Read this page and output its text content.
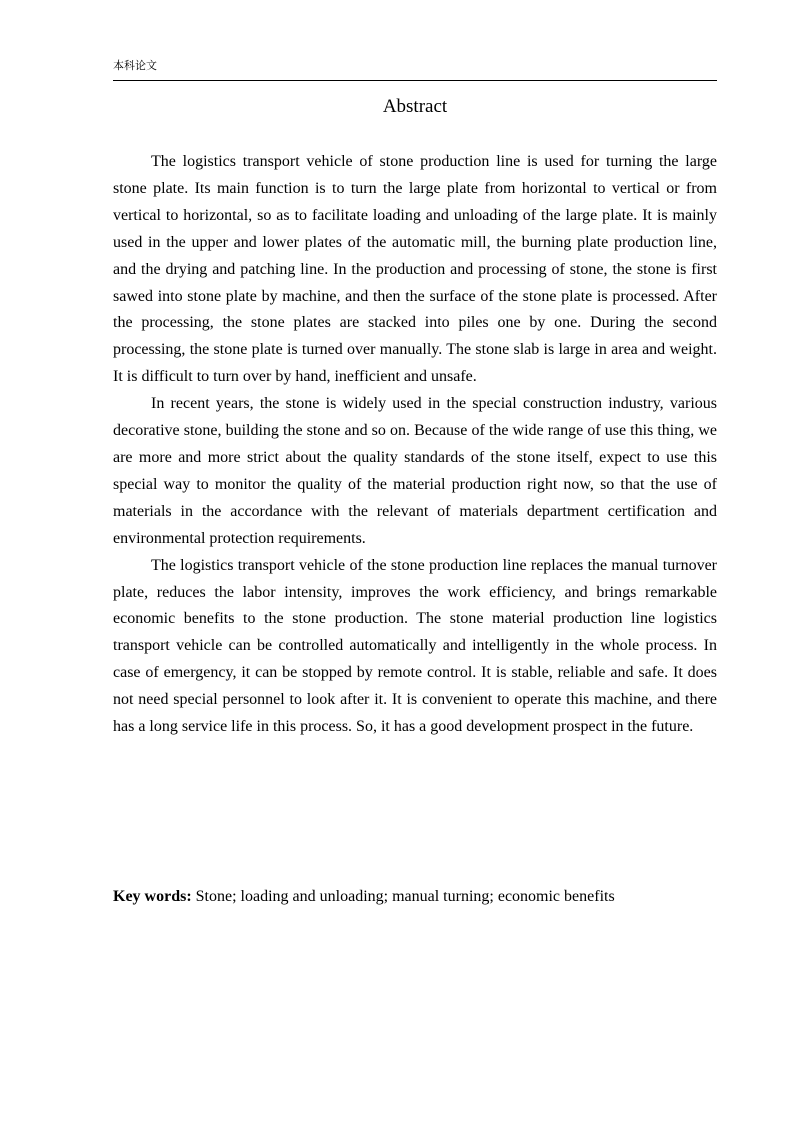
本科论文
Abstract

The logistics transport vehicle of stone production line is used for turning the large stone plate. Its main function is to turn the large plate from horizontal to vertical or from vertical to horizontal, so as to facilitate loading and unloading of the large plate. It is mainly used in the upper and lower plates of the automatic mill, the burning plate production line, and the drying and patching line. In the production and processing of stone, the stone is first sawed into stone plate by machine, and then the surface of the stone plate is processed. After the processing, the stone plates are stacked into piles one by one. During the second processing, the stone plate is turned over manually. The stone slab is large in area and weight. It is difficult to turn over by hand, inefficient and unsafe.

In recent years, the stone is widely used in the special construction industry, various decorative stone, building the stone and so on. Because of the wide range of use this thing, we are more and more strict about the quality standards of the stone itself, expect to use this special way to monitor the quality of the material production right now, so that the use of materials in the accordance with the relevant of materials department certification and environmental protection requirements.

The logistics transport vehicle of the stone production line replaces the manual turnover plate, reduces the labor intensity, improves the work efficiency, and brings remarkable economic benefits to the stone production. The stone material production line logistics transport vehicle can be controlled automatically and intelligently in the whole process. In case of emergency, it can be stopped by remote control. It is stable, reliable and safe. It does not need special personnel to look after it. It is convenient to operate this machine, and there has a long service life in this process. So, it has a good development prospect in the future.

Key words: Stone; loading and unloading; manual turning; economic benefits
